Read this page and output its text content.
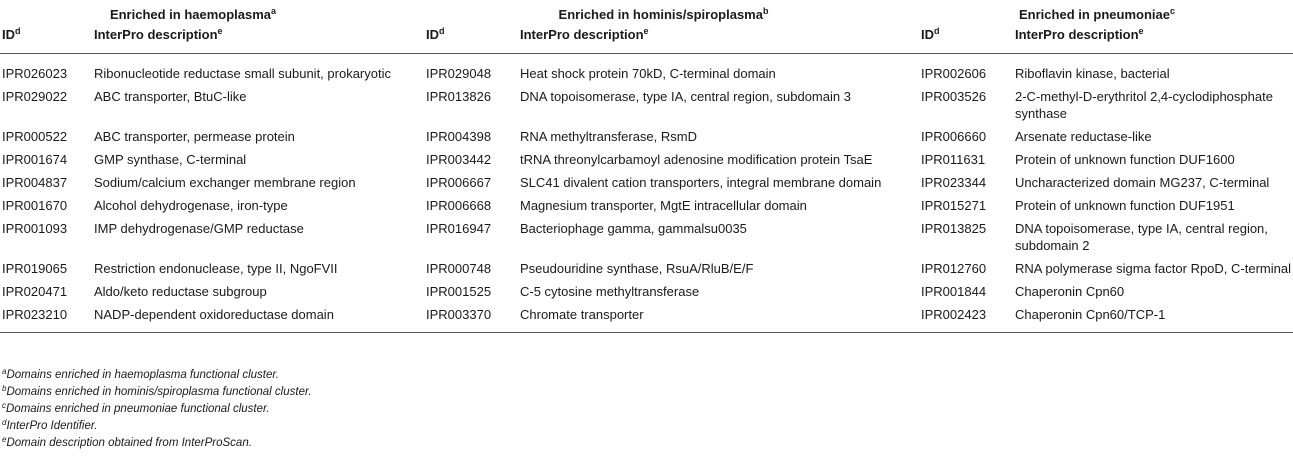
Enriched in haemoplasma$^a$		Enriched in hominis/spiroplasma$^b$		Enriched in pneumoniae$^c$
$ID^d$	InterPro description$^e$	$ID^d$	InterPro description$^e$	$ID^d$	InterPro description$^e$
IPR026023	Ribonucleotide reductase small subunit, prokaryotic	IPR029048	Heat shock protein 70kD, C-terminal domain	IPR002606	Riboflavin kinase, bacterial
IPR029022	ABC transporter, BtuC-like	IPR013826	DNA topoisomerase, type IA, central region, subdomain 3	IPR003526	2-C-methyl-D-erythritol 2,4-cyclodiphosphate synthase
IPR000522	ABC transporter, permease protein	IPR004398	RNA methyltransferase, RsmD	IPR006660	Arsenate reductase-like
IPR001674	GMP synthase, C-terminal	IPR003442	tRNA threonylcarbamoyl adenosine modification protein TsaE	IPR011631	Protein of unknown function DUF1600
IPR004837	Sodium/calcium exchanger membrane region	IPR006667	SLC41 divalent cation transporters, integral membrane domain	IPR023344	Uncharacterized domain MG237, C-terminal
IPR001670	Alcohol dehydrogenase, iron-type	IPR006668	Magnesium transporter, MgtE intracellular domain	IPR015271	Protein of unknown function DUF1951
IPR001093	IMP dehydrogenase/GMP reductase	IPR016947	Bacteriophage gamma, gammalsu0035	IPR013825	DNA topoisomerase, type IA, central region, subdomain 2
IPR019065	Restriction endonuclease, type II, NgoFVII	IPR000748	Pseudouridine synthase, RsuA/RluB/E/F	IPR012760	RNA polymerase sigma factor RpoD, C-terminal
IPR020471	Aldo/keto reductase subgroup	IPR001525	C-5 cytosine methyltransferase	IPR001844	Chaperonin Cpn60
IPR023210	NADP-dependent oxidoreductase domain	IPR003370	Chromate transporter	IPR002423	Chaperonin Cpn60/TCP-1
$^a$Domains enriched in haemoplasma functional cluster.
$^b$Domains enriched in hominis/spiroplasma functional cluster.
$^c$Domains enriched in pneumoniae functional cluster.
$^d$InterPro Identifier.
$^e$Domain description obtained from InterProScan.
